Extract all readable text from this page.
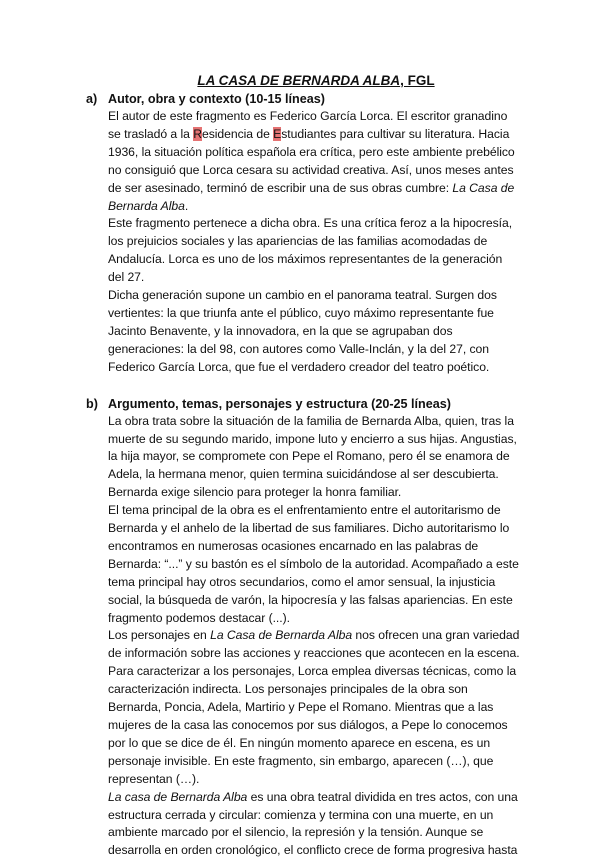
LA CASA DE BERNARDA ALBA, FGL
a) Autor, obra y contexto (10-15 líneas)

El autor de este fragmento es Federico García Lorca. El escritor granadino se trasladó a la Residencia de Estudiantes para cultivar su literatura. Hacia 1936, la situación política española era crítica, pero este ambiente prebélico no consiguió que Lorca cesara su actividad creativa. Así, unos meses antes de ser asesinado, terminó de escribir una de sus obras cumbre: La Casa de Bernarda Alba.

Este fragmento pertenece a dicha obra. Es una crítica feroz a la hipocresía, los prejuicios sociales y las apariencias de las familias acomodadas de Andalucía. Lorca es uno de los máximos representantes de la generación del 27.

Dicha generación supone un cambio en el panorama teatral. Surgen dos vertientes: la que triunfa ante el público, cuyo máximo representante fue Jacinto Benavente, y la innovadora, en la que se agrupaban dos generaciones: la del 98, con autores como Valle-Inclán, y la del 27, con Federico García Lorca, que fue el verdadero creador del teatro poético.

b) Argumento, temas, personajes y estructura (20-25 líneas)

La obra trata sobre la situación de la familia de Bernarda Alba, quien, tras la muerte de su segundo marido, impone luto y encierro a sus hijas. Angustias, la hija mayor, se compromete con Pepe el Romano, pero él se enamora de Adela, la hermana menor, quien termina suicidándose al ser descubierta. Bernarda exige silencio para proteger la honra familiar.

El tema principal de la obra es el enfrentamiento entre el autoritarismo de Bernarda y el anhelo de la libertad de sus familiares. Dicho autoritarismo lo encontramos en numerosas ocasiones encarnado en las palabras de Bernarda: “...” y su bastón es el símbolo de la autoridad. Acompañado a este tema principal hay otros secundarios, como el amor sensual, la injusticia social, la búsqueda de varón, la hipocresía y las falsas apariencias. En este fragmento podemos destacar (...).

Los personajes en La Casa de Bernarda Alba nos ofrecen una gran variedad de información sobre las acciones y reacciones que acontecen en la escena. Para caracterizar a los personajes, Lorca emplea diversas técnicas, como la caracterización indirecta. Los personajes principales de la obra son Bernarda, Poncia, Adela, Martirio y Pepe el Romano. Mientras que a las mujeres de la casa las conocemos por sus diálogos, a Pepe lo conocemos por lo que se dice de él. En ningún momento aparece en escena, es un personaje invisible. En este fragmento, sin embargo, aparecen (…), que representan (…).

La casa de Bernarda Alba es una obra teatral dividida en tres actos, con una estructura cerrada y circular: comienza y termina con una muerte, en un ambiente marcado por el silencio, la represión y la tensión. Aunque se desarrolla en orden cronológico, el conflicto crece de forma progresiva hasta
